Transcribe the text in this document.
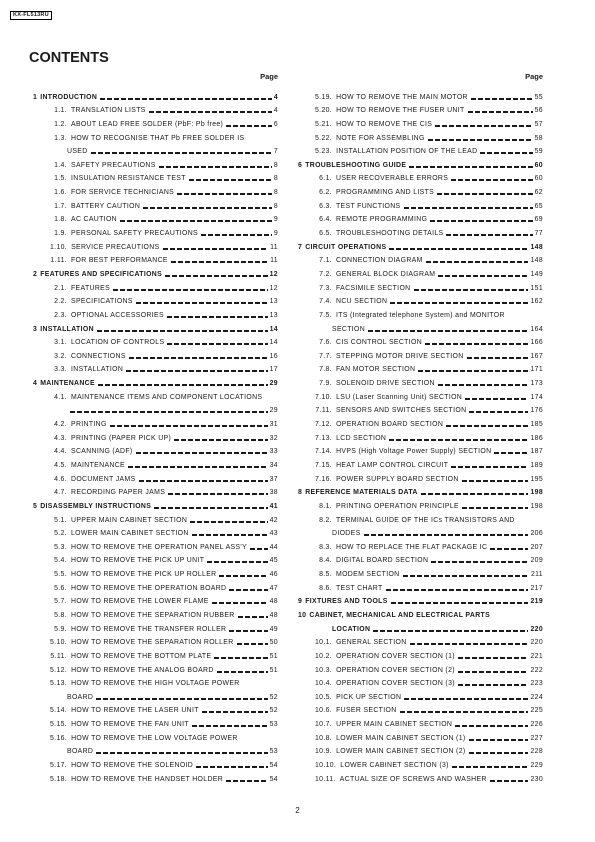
KX-FL513RU
CONTENTS
Page
1 INTRODUCTION	4
1.1. TRANSLATION LISTS	4
1.2. ABOUT LEAD FREE SOLDER (PbF: Pb free)	6
1.3. HOW TO RECOGNISE THAT Pb FREE SOLDER IS
USED	7
1.4. SAFETY PRECAUTIONS	8
1.5. INSULATION RESISTANCE TEST	8
1.6. FOR SERVICE TECHNICIANS	8
1.7. BATTERY CAUTION	8
1.8. AC CAUTION	9
1.9. PERSONAL SAFETY PRECAUTIONS	9
1.10. SERVICE PRECAUTIONS	11
1.11. FOR BEST PERFORMANCE	11
2 FEATURES AND SPECIFICATIONS	12
2.1. FEATURES	12
2.2. SPECIFICATIONS	13
2.3. OPTIONAL ACCESSORIES	13
3 INSTALLATION	14
3.1. LOCATION OF CONTROLS	14
3.2. CONNECTIONS	16
3.3. INSTALLATION	17
4 MAINTENANCE	29
4.1. MAINTENANCE ITEMS AND COMPONENT LOCATIONS
29
4.2. PRINTING	31
4.3. PRINTING (PAPER PICK UP)	32
4.4. SCANNING (ADF)	33
4.5. MAINTENANCE	34
4.6. DOCUMENT JAMS	37
4.7. RECORDING PAPER JAMS	38
5 DISASSEMBLY INSTRUCTIONS	41
5.1. UPPER MAIN CABINET SECTION	42
5.2. LOWER MAIN CABINET SECTION	43
5.3. HOW TO REMOVE THE OPERATION PANEL ASS'Y	44
5.4. HOW TO REMOVE THE PICK UP UNIT	45
5.5. HOW TO REMOVE THE PICK UP ROLLER	46
5.6. HOW TO REMOVE THE OPERATION BOARD	47
5.7. HOW TO REMOVE THE LOWER FLAME	48
5.8. HOW TO REMOVE THE SEPARATION RUBBER	48
5.9. HOW TO REMOVE THE TRANSFER ROLLER	49
5.10. HOW TO REMOVE THE SEPARATION ROLLER	50
5.11. HOW TO REMOVE THE BOTTOM PLATE	51
5.12. HOW TO REMOVE THE ANALOG BOARD	51
5.13. HOW TO REMOVE THE HIGH VOLTAGE POWER
BOARD	52
5.14. HOW TO REMOVE THE LASER UNIT	52
5.15. HOW TO REMOVE THE FAN UNIT	53
5.16. HOW TO REMOVE THE LOW VOLTAGE POWER
BOARD	53
5.17. HOW TO REMOVE THE SOLENOID	54
5.18. HOW TO REMOVE THE HANDSET HOLDER	54
Page
5.19. HOW TO REMOVE THE MAIN MOTOR	55
5.20. HOW TO REMOVE THE FUSER UNIT	56
5.21. HOW TO REMOVE THE CIS	57
5.22. NOTE FOR ASSEMBLING	58
5.23. INSTALLATION POSITION OF THE LEAD	59
6 TROUBLESHOOTING GUIDE	60
6.1. USER RECOVERABLE ERRORS	60
6.2. PROGRAMMING AND LISTS	62
6.3. TEST FUNCTIONS	65
6.4. REMOTE PROGRAMMING	69
6.5. TROUBLESHOOTING DETAILS	77
7 CIRCUIT OPERATIONS	148
7.1. CONNECTION DIAGRAM	148
7.2. GENERAL BLOCK DIAGRAM	149
7.3. FACSIMILE SECTION	151
7.4. NCU SECTION	162
7.5. ITS (Integrated telephone System) and MONITOR
SECTION	164
7.6. CIS CONTROL SECTION	166
7.7. STEPPING MOTOR DRIVE SECTION	167
7.8. FAN MOTOR SECTION	171
7.9. SOLENOID DRIVE SECTION	173
7.10. LSU (Laser Scanning Unit) SECTION	174
7.11. SENSORS AND SWITCHES SECTION	176
7.12. OPERATION BOARD SECTION	185
7.13. LCD SECTION	186
7.14. HVPS (High Voltage Power Supply) SECTION	187
7.15. HEAT LAMP CONTROL CIRCUIT	189
7.16. POWER SUPPLY BOARD SECTION	195
8 REFERENCE MATERIALS DATA	198
8.1. PRINTING OPERATION PRINCIPLE	198
8.2. TERMINAL GUIDE OF THE ICs TRANSISTORS AND
DIODES	206
8.3. HOW TO REPLACE THE FLAT PACKAGE IC	207
8.4. DIGITAL BOARD SECTION	209
8.5. MODEM SECTION	211
8.6. TEST CHART	217
9 FIXTURES AND TOOLS	219
10 CABINET, MECHANICAL AND ELECTRICAL PARTS
LOCATION	220
10.1. GENERAL SECTION	220
10.2. OPERATION COVER SECTION (1)	221
10.3. OPERATION COVER SECTION (2)	222
10.4. OPERATION COVER SECTION (3)	223
10.5. PICK UP SECTION	224
10.6. FUSER SECTION	225
10.7. UPPER MAIN CABINET SECTION	226
10.8. LOWER MAIN CABINET SECTION (1)	227
10.9. LOWER MAIN CABINET SECTION (2)	228
10.10. LOWER CABINET SECTION (3)	229
10.11. ACTUAL SIZE OF SCREWS AND WASHER	230
2
